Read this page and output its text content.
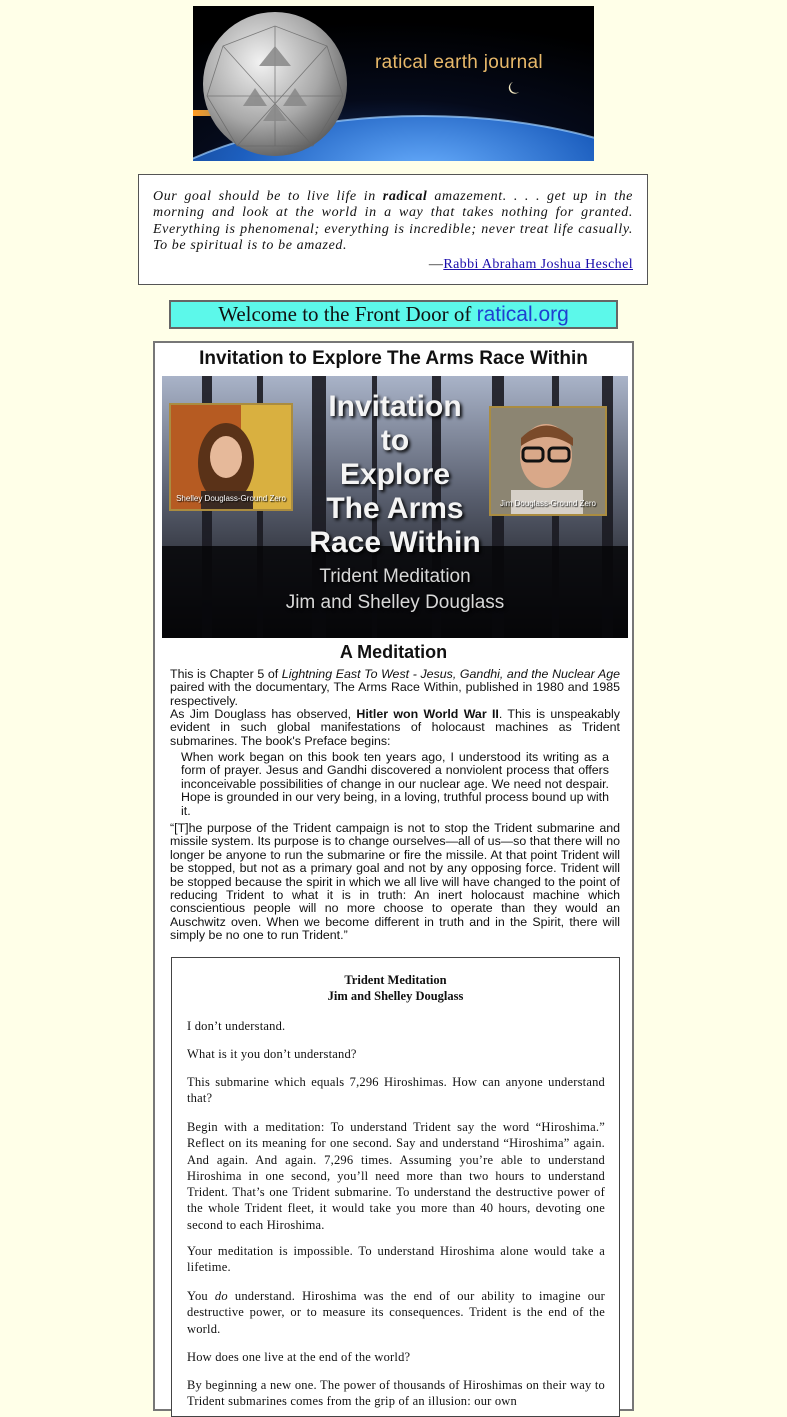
ratical earth journal

Our goal should be to live life in radical amazement. . . . get up in the morning and look at the world in a way that takes nothing for granted. Everything is phenomenal; everything is incredible; never treat life casually. To be spiritual is to be amazed.

—Rabbi Abraham Joshua Heschel
Welcome to the Front Door of ratical.org
Invitation to Explore The Arms Race Within
Shelley Douglass-Ground Zero
Jim Douglass-Ground Zero
Invitation
to
Explore
The Arms
Race Within
Trident Meditation
Jim and Shelley Douglass
A Meditation

This is Chapter 5 of Lightning East To West - Jesus, Gandhi, and the Nuclear Age paired with the documentary, The Arms Race Within, published in 1980 and 1985 respectively.

As Jim Douglass has observed, Hitler won World War II. This is unspeakably evident in such global manifestations of holocaust machines as Trident submarines. The book's Preface begins:

When work began on this book ten years ago, I understood its writing as a form of prayer. Jesus and Gandhi discovered a nonviolent process that offers inconceivable possibilities of change in our nuclear age. We need not despair. Hope is grounded in our very being, in a loving, truthful process bound up with it.

“[T]he purpose of the Trident campaign is not to stop the Trident submarine and missile system. Its purpose is to change ourselves—all of us—so that there will no longer be anyone to run the submarine or fire the missile. At that point Trident will be stopped, but not as a primary goal and not by any opposing force. Trident will be stopped because the spirit in which we all live will have changed to the point of reducing Trident to what it is in truth: An inert holocaust machine which conscientious people will no more choose to operate than they would an Auschwitz oven. When we become different in truth and in the Spirit, there will simply be no one to run Trident.”

Trident Meditation
Jim and Shelley Douglass

I don’t understand.

What is it you don’t understand?

This submarine which equals 7,296 Hiroshimas. How can anyone understand that?

Begin with a meditation: To understand Trident say the word “Hiroshima.” Reflect on its meaning for one second. Say and understand “Hiroshima” again. And again. And again. 7,296 times. Assuming you’re able to understand Hiroshima in one second, you’ll need more than two hours to understand Trident. That’s one Trident submarine. To understand the destructive power of the whole Trident fleet, it would take you more than 40 hours, devoting one second to each Hiroshima.

Your meditation is impossible. To understand Hiroshima alone would take a lifetime.

You do understand. Hiroshima was the end of our ability to imagine our destructive power, or to measure its consequences. Trident is the end of the world.

How does one live at the end of the world?

By beginning a new one. The power of thousands of Hiroshimas on their way to Trident submarines comes from the grip of an illusion: our own
